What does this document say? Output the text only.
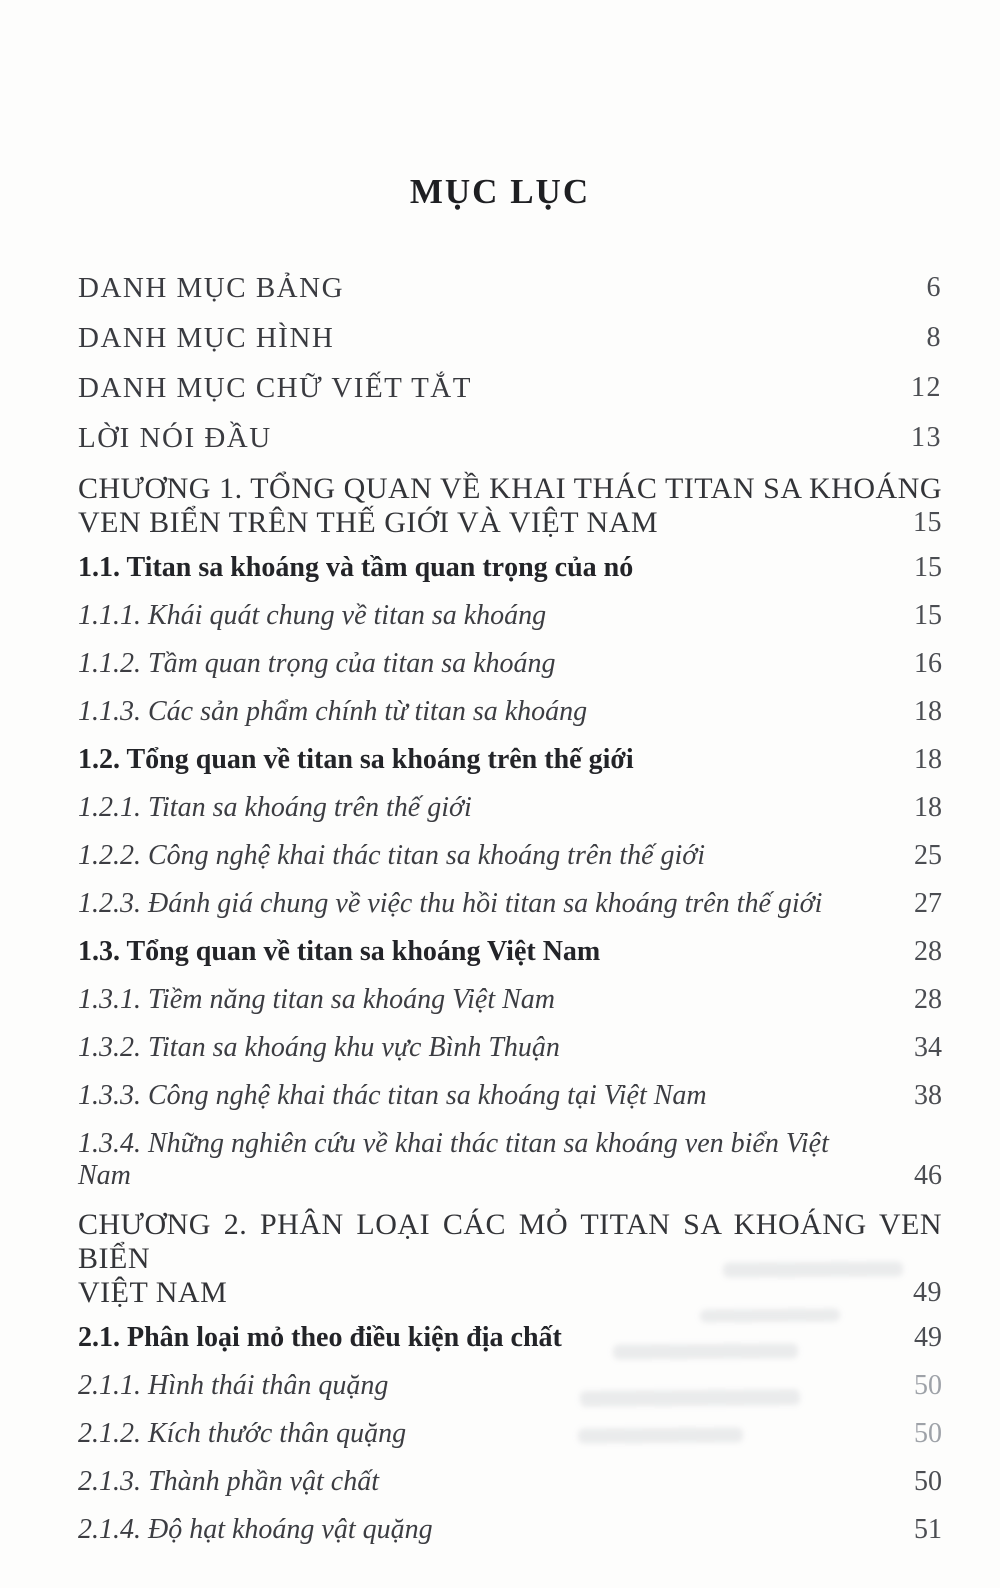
MỤC LỤC
DANH MỤC BẢNG	6
DANH MỤC HÌNH	8
DANH MỤC CHỮ VIẾT TẮT	12
LỜI NÓI ĐẦU	13
CHƯƠNG 1. TỔNG QUAN VỀ KHAI THÁC TITAN SA KHOÁNG
VEN BIỂN TRÊN THẾ GIỚI VÀ VIỆT NAM	15
1.1. Titan sa khoáng và tầm quan trọng của nó	15
1.1.1. Khái quát chung về titan sa khoáng	15
1.1.2. Tầm quan trọng của titan sa khoáng	16
1.1.3. Các sản phẩm chính từ titan sa khoáng	18
1.2. Tổng quan về titan sa khoáng trên thế giới	18
1.2.1. Titan sa khoáng trên thế giới	18
1.2.2. Công nghệ khai thác titan sa khoáng trên thế giới	25
1.2.3. Đánh giá chung về việc thu hồi titan sa khoáng trên thế giới	27
1.3. Tổng quan về titan sa khoáng Việt Nam	28
1.3.1. Tiềm năng titan sa khoáng Việt Nam	28
1.3.2. Titan sa khoáng khu vực Bình Thuận	34
1.3.3. Công nghệ khai thác titan sa khoáng tại Việt Nam	38
1.3.4. Những nghiên cứu về khai thác titan sa khoáng ven biển Việt Nam	46
CHƯƠNG 2. PHÂN LOẠI CÁC MỎ TITAN SA KHOÁNG VEN BIỂN
VIỆT NAM	49
2.1. Phân loại mỏ theo điều kiện địa chất	49
2.1.1. Hình thái thân quặng	50
2.1.2. Kích thước thân quặng	50
2.1.3. Thành phần vật chất	50
2.1.4. Độ hạt khoáng vật quặng	51
